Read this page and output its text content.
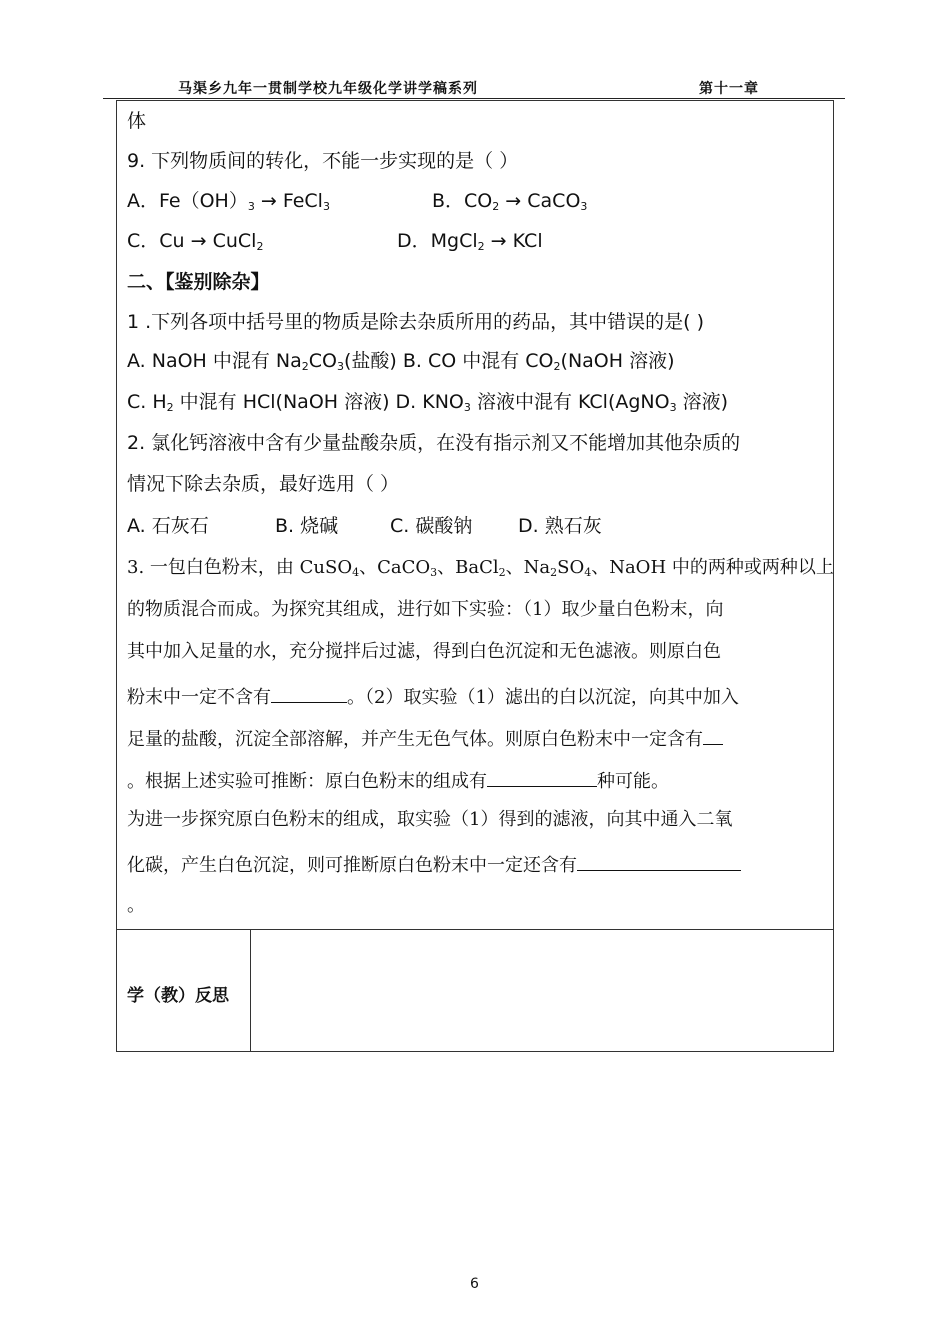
马渠乡九年一贯制学校九年级化学讲学稿系列	第十一章
体
9. 下列物质间的转化，不能一步实现的是（ ）
A．$Fe(OH)_3$ → FeCl$_3$	B．$CO_2$ → CaCO$_3$
C．Cu → CuCl$_2$	D．MgCl$_2$ → KCl
二、【鉴别除杂】
1 .下列各项中括号里的物质是除去杂质所用的药品，其中错误的是( )
A. NaOH 中混有 $Na_2CO_3$(盐酸) B. CO 中混有 $CO_2(NaOH$ 溶液)
C. $H_2$ 中混有 HCl(NaOH 溶液) D. $KNO_3$ 溶液中混有 KCl(AgNO$_3$ 溶液)
2. 氯化钙溶液中含有少量盐酸杂质，在没有指示剂又不能增加其他杂质的
情况下除去杂质，最好选用（ ）
A. 石灰石	B. 烧碱	C. 碳酸钠 D. 熟石灰
3. 一包白色粉末，由 CuSO$_4$、CaCO$_3$、BaCl$_2$、$Na_2SO_4$、NaOH 中的两种或两种以上
的物质混合而成。为探究其组成，进行如下实验：（1）取少量白色粉末，向
其中加入足量的水，充分搅拌后过滤，得到白色沉淀和无色滤液。则原白色
粉末中一定不含有	。（2）取实验（1）滤出的白以沉淀，向其中加入
足量的盐酸，沉淀全部溶解，并产生无色气体。则原白色粉末中一定含有
。根据上述实验可推断：原白色粉末的组成有	种可能。
为进一步探究原白色粉末的组成，取实验（1）得到的滤液，向其中通入二氧
化碳，产生白色沉淀，则可推断原白色粉末中一定还含有
。
学（教）反思
6
